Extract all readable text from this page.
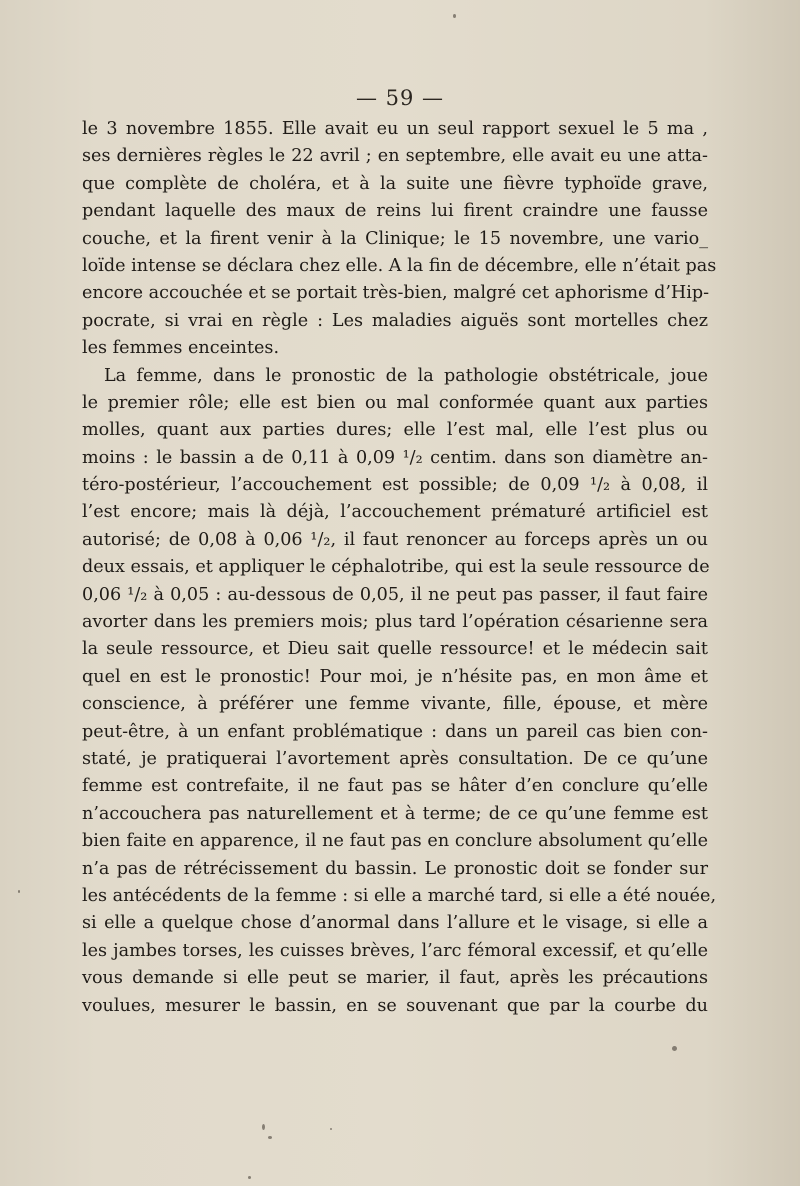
— 59 —
le 3 novembre 1855. Elle avait eu un seul rapport sexuel le 5 ma ,
ses dernières règles le 22 avril ; en septembre, elle avait eu une atta-
que complète de choléra, et à la suite une fièvre typhoïde grave,
pendant laquelle des maux de reins lui firent craindre une fausse
couche, et la firent venir à la Clinique; le 15 novembre, une vario_
loïde intense se déclara chez elle. A la fin de décembre, elle n’était pas
encore accouchée et se portait très-bien, malgré cet aphorisme d’Hip-
pocrate, si vrai en règle : Les maladies aiguës sont mortelles chez
les femmes enceintes.
La femme, dans le pronostic de la pathologie obstétricale, joue
le premier rôle; elle est bien ou mal conformée quant aux parties
molles, quant aux parties dures; elle l’est mal, elle l’est plus ou
moins : le bassin a de 0,11 à 0,09 ¹/₂ centim. dans son diamètre an-
téro-postérieur, l’accouchement est possible; de 0,09 ¹/₂ à 0,08, il
l’est encore; mais là déjà, l’accouchement prématuré artificiel est
autorisé; de 0,08 à 0,06 ¹/₂, il faut renoncer au forceps après un ou
deux essais, et appliquer le céphalotribe, qui est la seule ressource de
0,06 ¹/₂ à 0,05 : au-dessous de 0,05, il ne peut pas passer, il faut faire
avorter dans les premiers mois; plus tard l’opération césarienne sera
la seule ressource, et Dieu sait quelle ressource! et le médecin sait
quel en est le pronostic! Pour moi, je n’hésite pas, en mon âme et
conscience, à préférer une femme vivante, fille, épouse, et mère
peut-être, à un enfant problématique : dans un pareil cas bien con-
staté, je pratiquerai l’avortement après consultation. De ce qu’une
femme est contrefaite, il ne faut pas se hâter d’en conclure qu’elle
n’accouchera pas naturellement et à terme; de ce qu’une femme est
bien faite en apparence, il ne faut pas en conclure absolument qu’elle
n’a pas de rétrécissement du bassin. Le pronostic doit se fonder sur
les antécédents de la femme : si elle a marché tard, si elle a été nouée,
si elle a quelque chose d’anormal dans l’allure et le visage, si elle a
les jambes torses, les cuisses brèves, l’arc fémoral excessif, et qu’elle
vous demande si elle peut se marier, il faut, après les précautions
voulues, mesurer le bassin, en se souvenant que par la courbe du
